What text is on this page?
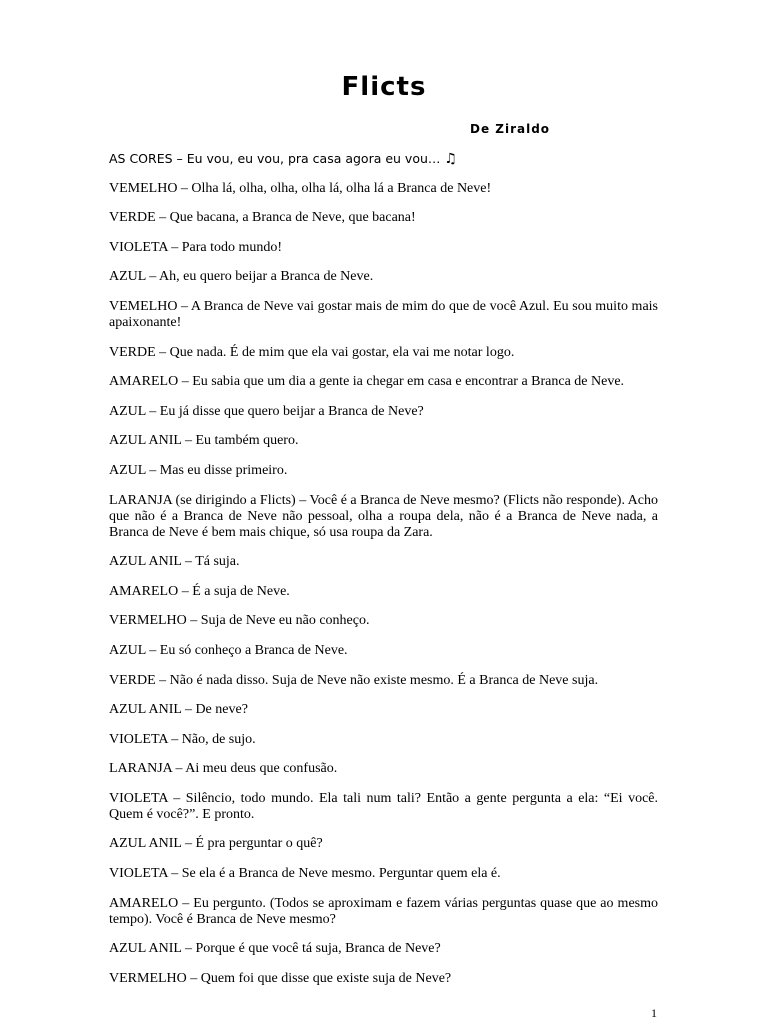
Flicts
De Ziraldo

AS CORES – Eu vou, eu vou, pra casa agora eu vou… ♫

VEMELHO – Olha lá, olha, olha, olha lá, olha lá a Branca de Neve!

VERDE – Que bacana, a Branca de Neve, que bacana!

VIOLETA – Para todo mundo!

AZUL – Ah, eu quero beijar a Branca de Neve.

VEMELHO – A Branca de Neve vai gostar mais de mim do que de você Azul. Eu sou muito mais apaixonante!

VERDE – Que nada. É de mim que ela vai gostar, ela vai me notar logo.

AMARELO – Eu sabia que um dia a gente ia chegar em casa e encontrar a Branca de Neve.

AZUL – Eu já disse que quero beijar a Branca de Neve?

AZUL ANIL – Eu também quero.

AZUL – Mas eu disse primeiro.

LARANJA (se dirigindo a Flicts) – Você é a Branca de Neve mesmo? (Flicts não responde). Acho que não é a Branca de Neve não pessoal, olha a roupa dela, não é a Branca de Neve nada, a Branca de Neve é bem mais chique, só usa roupa da Zara.

AZUL ANIL – Tá suja.

AMARELO – É a suja de Neve.

VERMELHO – Suja de Neve eu não conheço.

AZUL – Eu só conheço a Branca de Neve.

VERDE – Não é nada disso. Suja de Neve não existe mesmo. É a Branca de Neve suja.

AZUL ANIL – De neve?

VIOLETA – Não, de sujo.

LARANJA – Ai meu deus que confusão.

VIOLETA – Silêncio, todo mundo. Ela tali num tali? Então a gente pergunta a ela: “Ei você. Quem é você?”. E pronto.

AZUL ANIL – É pra perguntar o quê?

VIOLETA – Se ela é a Branca de Neve mesmo. Perguntar quem ela é.

AMARELO – Eu pergunto. (Todos se aproximam e fazem várias perguntas quase que ao mesmo tempo). Você é Branca de Neve mesmo?

AZUL ANIL – Porque é que você tá suja, Branca de Neve?

VERMELHO – Quem foi que disse que existe suja de Neve?

1
